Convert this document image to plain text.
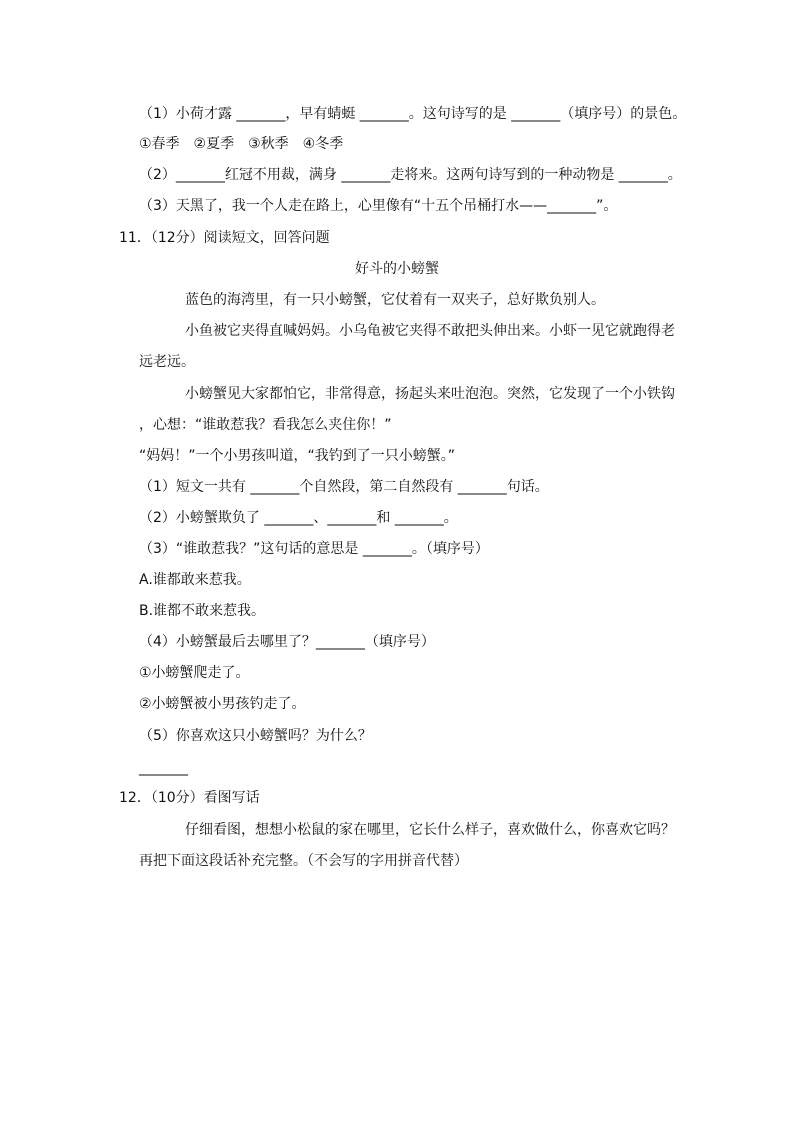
（1）小荷才露 _______，早有蜻蜓 _______。这句诗写的是 _______（填序号）的景色。
①春季　②夏季　③秋季　④冬季
（2）_______红冠不用裁，满身 _______走将来。这两句诗写到的一种动物是 _______。
（3）天黑了，我一个人走在路上，心里像有“十五个吊桶打水——_______”。
11．（12分）阅读短文，回答问题
好斗的小螃蟹
蓝色的海湾里，有一只小螃蟹，它仗着有一双夹子，总好欺负别人。
小鱼被它夹得直喊妈妈。小乌龟被它夹得不敢把头伸出来。小虾一见它就跑得老
远老远。
小螃蟹见大家都怕它，非常得意，扬起头来吐泡泡。突然，它发现了一个小铁钩
，心想：“谁敢惹我？看我怎么夹住你！”
“妈妈！”一个小男孩叫道，“我钓到了一只小螃蟹。”
（1）短文一共有 _______个自然段，第二自然段有 _______句话。
（2）小螃蟹欺负了 _______、_______和 _______。
（3）“谁敢惹我？”这句话的意思是 _______。（填序号）
A.谁都敢来惹我。
B.谁都不敢来惹我。
（4）小螃蟹最后去哪里了？_______（填序号）
①小螃蟹爬走了。
②小螃蟹被小男孩钓走了。
（5）你喜欢这只小螃蟹吗？为什么？
_______
12．（10分）看图写话
仔细看图，想想小松鼠的家在哪里，它长什么样子，喜欢做什么，你喜欢它吗？
再把下面这段话补充完整。（不会写的字用拼音代替）
